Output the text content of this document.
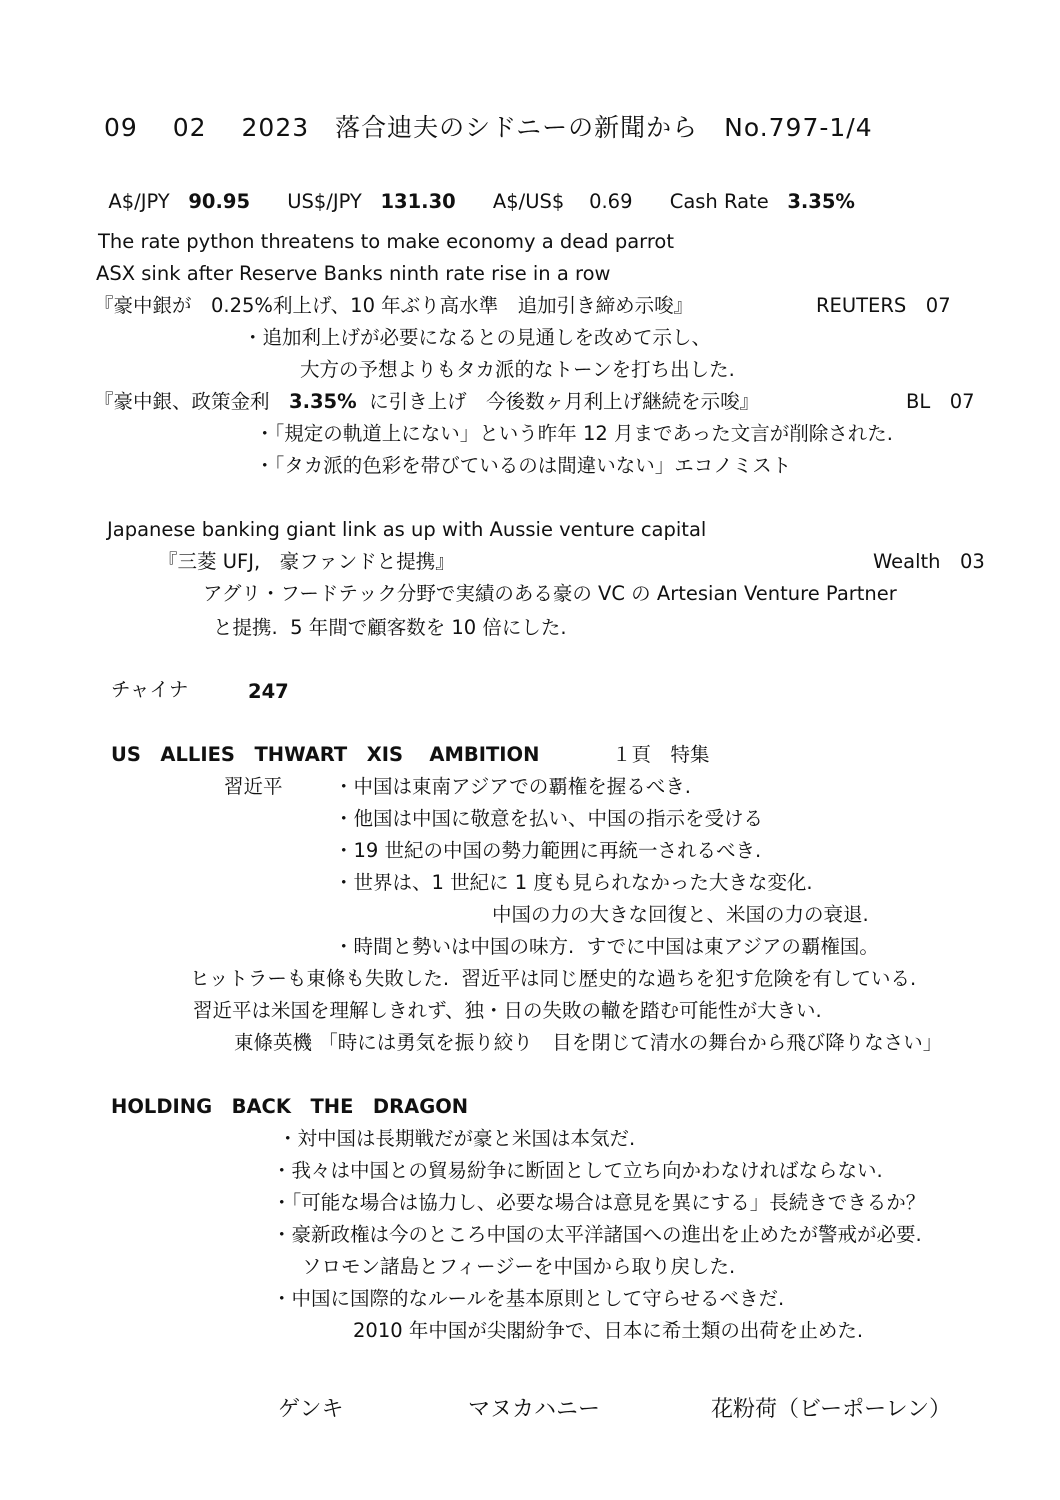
09　 02　 2023　落合迪夫のシドニーの新聞から　No.797-1/4

A$/JPY 90.95 US$/JPY 131.30 A$/US$ 0.69 Cash Rate 3.35%

The rate python threatens to make economy a dead parrot
ASX sink after Reserve Banks ninth rate rise in a row
『豪中銀が　0.25%利上げ、10 年ぶり高水準　追加引き締め示唆』	REUTERS　07
・追加利上げが必要になるとの見通しを改めて示し、
大方の予想よりもタカ派的なトーンを打ち出した.
『豪中銀、政策金利　3.35%  に引き上げ　今後数ヶ月利上げ継続を示唆』	BL　07
・「規定の軌道上にない」という昨年 12 月まであった文言が削除された.
・「タカ派的色彩を帯びているのは間違いない」エコノミスト
Japanese banking giant link as up with Aussie venture capital
『三菱 UFJ,　豪ファンドと提携』	Wealth　03
アグリ・フードテック分野で実績のある豪の VC の Artesian Venture Partner
と提携.  5 年間で顧客数を 10 倍にした.
チャイナ	247
US　ALLIES　THWART　XIS　 AMBITION	１頁　特集
習近平	・中国は東南アジアでの覇権を握るべき.
・他国は中国に敬意を払い、中国の指示を受ける
・19 世紀の中国の勢力範囲に再統一されるべき.
・世界は、1 世紀に 1 度も見られなかった大きな変化.
中国の力の大きな回復と、米国の力の衰退.
・時間と勢いは中国の味方.  すでに中国は東アジアの覇権国。
ヒットラーも東條も失敗した.  習近平は同じ歴史的な過ちを犯す危険を有している.
習近平は米国を理解しきれず、独・日の失敗の轍を踏む可能性が大きい.
東條英機 「時には勇気を振り絞り　目を閉じて清水の舞台から飛び降りなさい」
HOLDING　BACK　THE　DRAGON
・対中国は長期戦だが豪と米国は本気だ.
・我々は中国との貿易紛争に断固として立ち向かわなければならない.
・「可能な場合は協力し、必要な場合は意見を異にする」長続きできるか？
・豪新政権は今のところ中国の太平洋諸国への進出を止めたが警戒が必要.
ソロモン諸島とフィージーを中国から取り戻した.
・中国に国際的なルールを基本原則として守らせるべきだ.
2010 年中国が尖閣紛争で、日本に希土類の出荷を止めた.
ゲンキ	マヌカハニー	花粉荷（ビーポーレン）
